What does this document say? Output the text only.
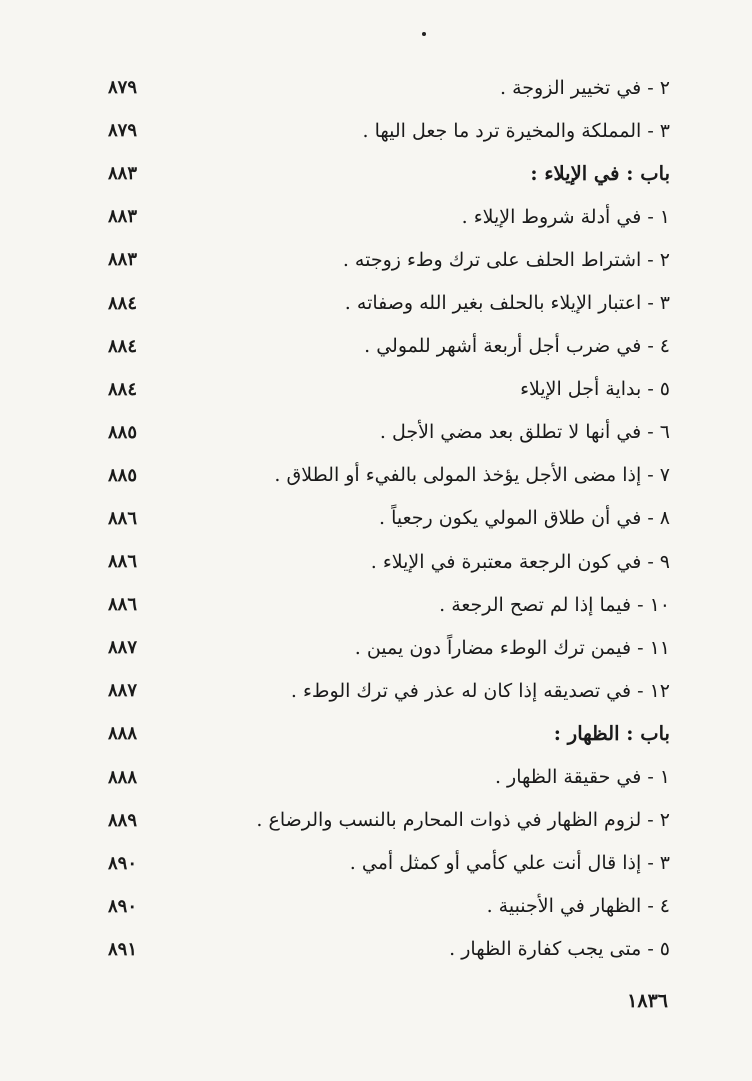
٢ - في تخيير الزوجة .
٨٧٩
٣ - المملكة والمخيرة ترد ما جعل اليها .
٨٧٩
باب : في الإيلاء :
٨٨٣
١ - في أدلة شروط الإيلاء .
٨٨٣
٢ - اشتراط الحلف على ترك وطء زوجته .
٨٨٣
٣ - اعتبار الإيلاء بالحلف بغير الله وصفاته .
٨٨٤
٤ - في ضرب أجل أربعة أشهر للمولي .
٨٨٤
٥ - بداية أجل الإيلاء
٨٨٤
٦ - في أنها لا تطلق بعد مضي الأجل .
٨٨٥
٧ - إذا مضى الأجل يؤخذ المولى بالفيء أو الطلاق .
٨٨٥
٨ - في أن طلاق المولي يكون رجعياً .
٨٨٦
٩ - في كون الرجعة معتبرة في الإيلاء .
٨٨٦
١٠ - فيما إذا لم تصح الرجعة .
٨٨٦
١١ - فيمن ترك الوطء مضاراً دون يمين .
٨٨٧
١٢ - في تصديقه إذا كان له عذر في ترك الوطء .
٨٨٧
باب : الظهار :
٨٨٨
١ - في حقيقة الظهار .
٨٨٨
٢ - لزوم الظهار في ذوات المحارم بالنسب والرضاع .
٨٨٩
٣ - إذا قال أنت علي كأمي أو كمثل أمي .
٨٩٠
٤ - الظهار في الأجنبية .
٨٩٠
٥ - متى يجب كفارة الظهار .
٨٩١
١٨٣٦
